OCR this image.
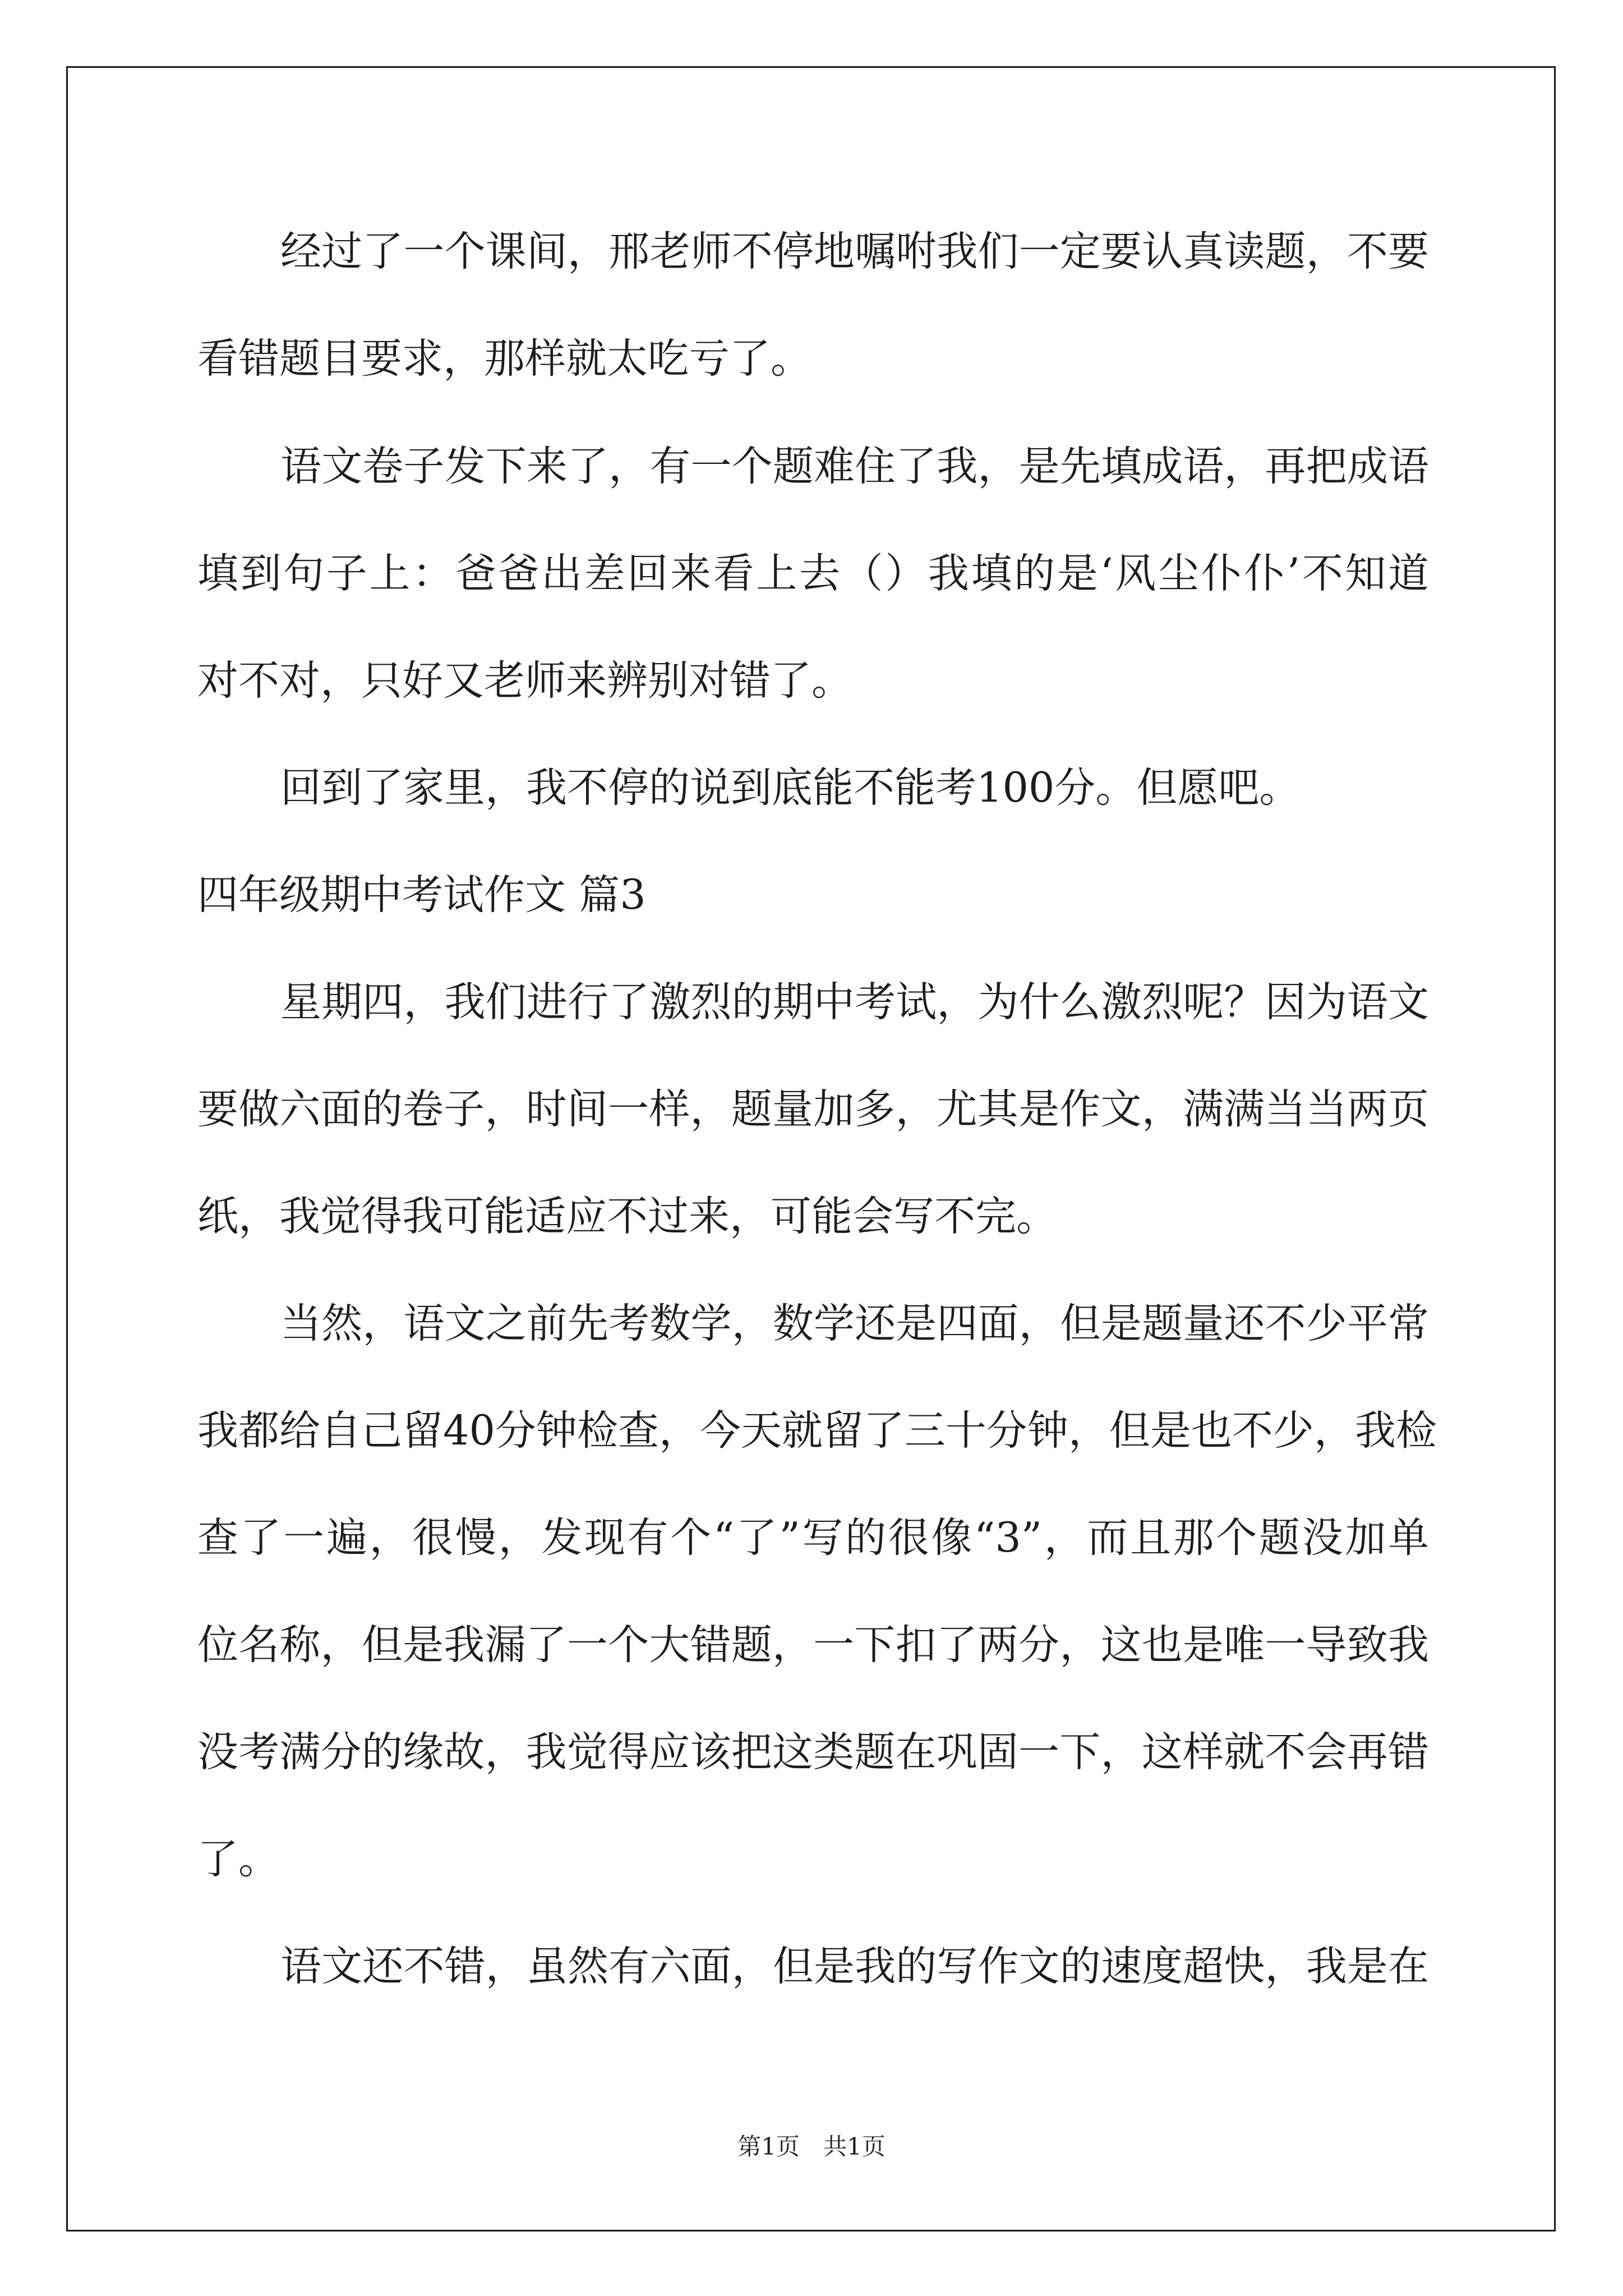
经过了一个课间，邢老师不停地嘱咐我们一定要认真读题，不要
看错题目要求，那样就太吃亏了。
语文卷子发下来了，有一个题难住了我，是先填成语，再把成语
填到句子上：爸爸出差回来看上去（）我填的是‘风尘仆仆’不知道
对不对，只好又老师来辨别对错了。
回到了家里，我不停的说到底能不能考100分。但愿吧。
四年级期中考试作文 篇3
星期四，我们进行了激烈的期中考试，为什么激烈呢？因为语文
要做六面的卷子，时间一样，题量加多，尤其是作文，满满当当两页
纸，我觉得我可能适应不过来，可能会写不完。
当然，语文之前先考数学，数学还是四面，但是题量还不少平常
我都给自己留40分钟检查，今天就留了三十分钟，但是也不少，我检
查了一遍，很慢，发现有个“了”写的很像“3”，而且那个题没加单
位名称，但是我漏了一个大错题，一下扣了两分，这也是唯一导致我
没考满分的缘故，我觉得应该把这类题在巩固一下，这样就不会再错
了。
语文还不错，虽然有六面，但是我的写作文的速度超快，我是在
第1页　共1页
